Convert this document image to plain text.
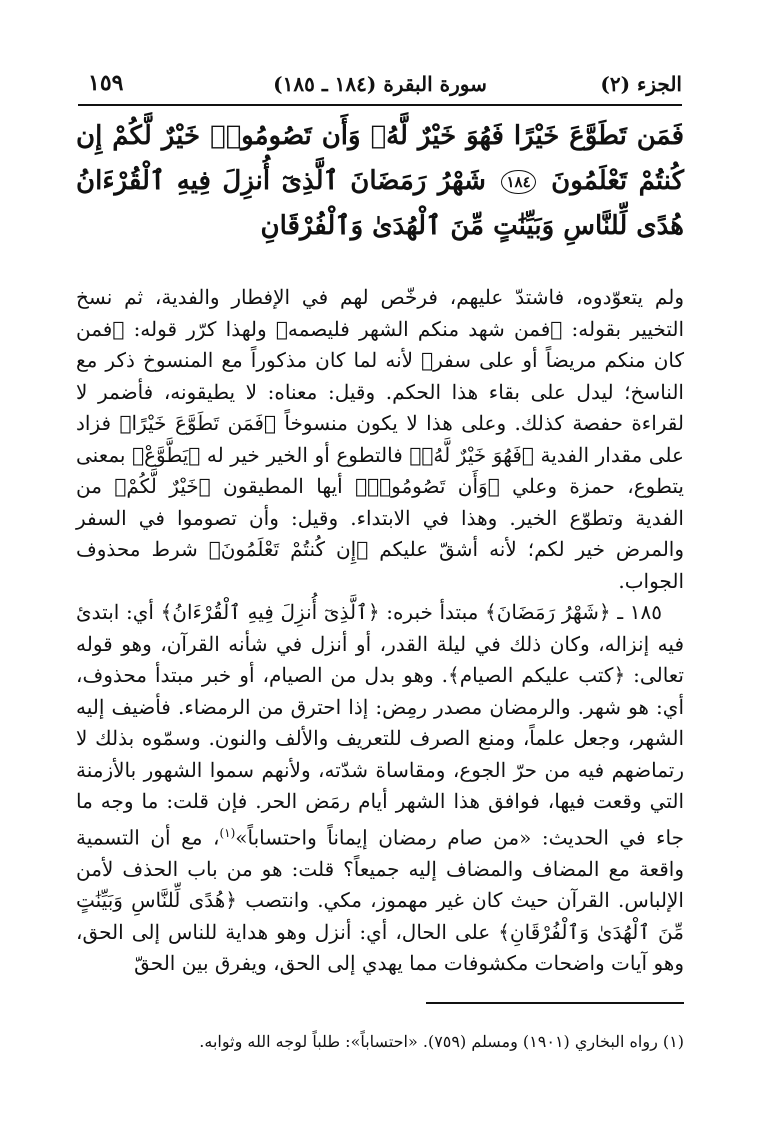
الجزء (٢)
سورة البقرة (١٨٤ ـ ١٨٥)
١٥٩
فَمَن تَطَوَّعَ خَيْرًا فَهُوَ خَيْرٌ لَّهُۥ وَأَن تَصُومُوا۟ خَيْرٌ لَّكُمْ إِن كُنتُمْ تَعْلَمُونَ ١٨٤ شَهْرُ رَمَضَانَ ٱلَّذِىٓ أُنزِلَ فِيهِ ٱلْقُرْءَانُ هُدًى لِّلنَّاسِ وَبَيِّنَٰتٍ مِّنَ ٱلْهُدَىٰ وَٱلْفُرْقَانِ

ولم يتعوّدوه، فاشتدّ عليهم، فرخّص لهم في الإفطار والفدية، ثم نسخ التخيير بقوله: ﴿فمن شهد منكم الشهر فليصمه﴾ ولهذا كرّر قوله: ﴿فمن كان منكم مريضاً أو على سفر﴾ لأنه لما كان مذكوراً مع المنسوخ ذكر مع الناسخ؛ ليدل على بقاء هذا الحكم. وقيل: معناه: لا يطيقونه، فأضمر لا لقراءة حفصة كذلك. وعلى هذا لا يكون منسوخاً ﴿فَمَن تَطَوَّعَ خَيْرًا﴾ فزاد على مقدار الفدية ﴿فَهُوَ خَيْرٌ لَّهُۥ﴾ فالتطوع أو الخير خير له ﴿يَطَّوَّعْ﴾ بمعنى يتطوع، حمزة وعلي ﴿وَأَن تَصُومُوا۟﴾ أيها المطيقون ﴿خَيْرٌ لَّكُمْ﴾ من الفدية وتطوّع الخير. وهذا في الابتداء. وقيل: وأن تصوموا في السفر والمرض خير لكم؛ لأنه أشقّ عليكم ﴿إِن كُنتُمْ تَعْلَمُونَ﴾ شرط محذوف الجواب.

١٨٥ ـ ﴿شَهْرُ رَمَضَانَ﴾ مبتدأ خبره: ﴿ٱلَّذِىٓ أُنزِلَ فِيهِ ٱلْقُرْءَانُ﴾ أي: ابتدئ فيه إنزاله، وكان ذلك في ليلة القدر، أو أنزل في شأنه القرآن، وهو قوله تعالى: ﴿كتب عليكم الصيام﴾. وهو بدل من الصيام، أو خبر مبتدأ محذوف، أي: هو شهر. والرمضان مصدر رمِض: إذا احترق من الرمضاء. فأضيف إليه الشهر، وجعل علماً، ومنع الصرف للتعريف والألف والنون. وسمّوه بذلك لا رتماضهم فيه من حرّ الجوع، ومقاساة شدّته، ولأنهم سموا الشهور بالأزمنة التي وقعت فيها، فوافق هذا الشهر أيام رمَض الحر. فإن قلت: ما وجه ما جاء في الحديث: «من صام رمضان إيماناً واحتساباً»$^{(١)}$، مع أن التسمية واقعة مع المضاف والمضاف إليه جميعاً؟ قلت: هو من باب الحذف لأمن الإلباس. القرآن حيث كان غير مهموز، مكي. وانتصب ﴿هُدًى لِّلنَّاسِ وَبَيِّنَٰتٍ مِّنَ ٱلْهُدَىٰ وَٱلْفُرْقَانِ﴾ على الحال، أي: أنزل وهو هداية للناس إلى الحق، وهو آيات واضحات مكشوفات مما يهدي إلى الحق، ويفرق بين الحقّ

(١) رواه البخاري (١٩٠١) ومسلم (٧٥٩). «احتساباً»: طلباً لوجه الله وثوابه.
